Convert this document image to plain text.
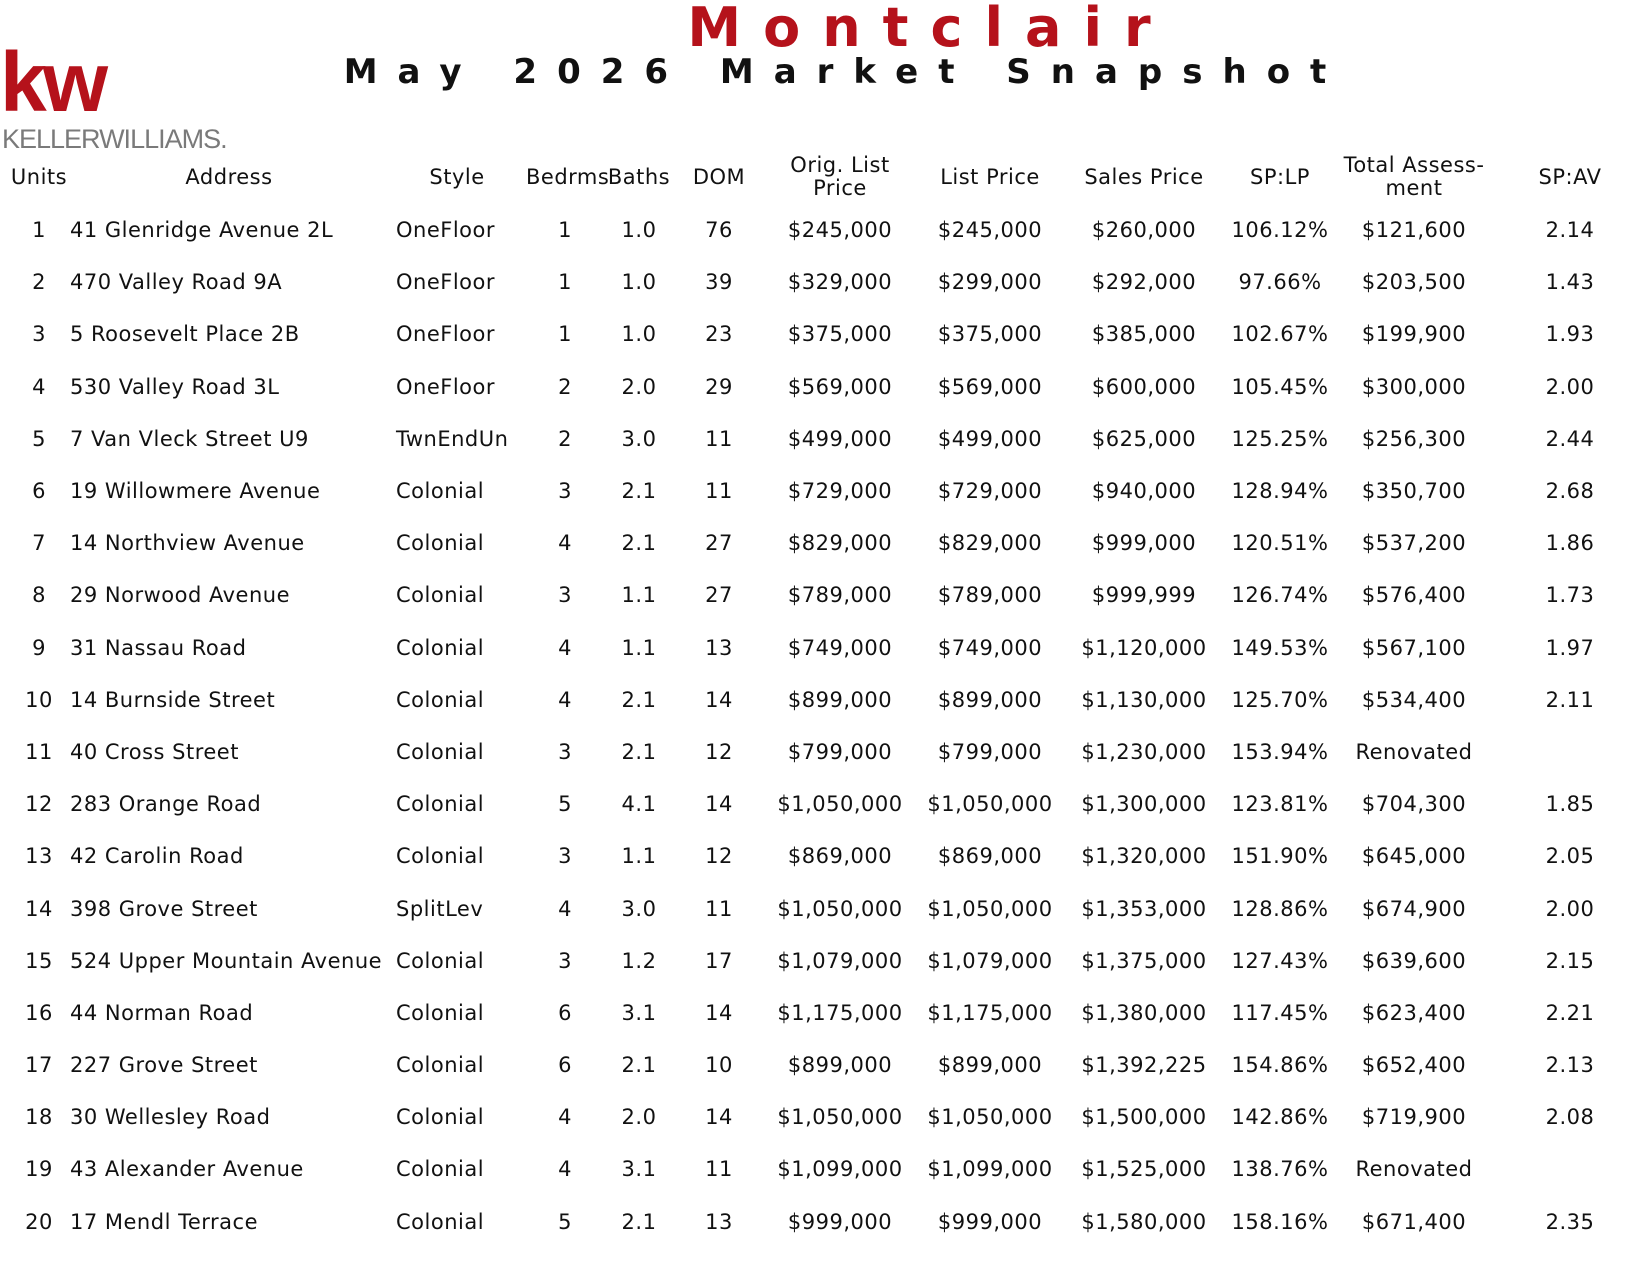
kw
KELLERWILLIAMS.
Montclair
May 2026 Market Snapshot
Units	Address	Style	Bedrms	Baths	DOM	Orig. List Price	List Price	Sales Price	SP:LP	Total Assess-ment	SP:AV
1	41 Glenridge Avenue 2L	OneFloor	1	1.0	76	$245,000	$245,000	$260,000	106.12%	$121,600	2.14
2	470 Valley Road 9A	OneFloor	1	1.0	39	$329,000	$299,000	$292,000	97.66%	$203,500	1.43
3	5 Roosevelt Place 2B	OneFloor	1	1.0	23	$375,000	$375,000	$385,000	102.67%	$199,900	1.93
4	530 Valley Road 3L	OneFloor	2	2.0	29	$569,000	$569,000	$600,000	105.45%	$300,000	2.00
5	7 Van Vleck Street U9	TwnEndUn	2	3.0	11	$499,000	$499,000	$625,000	125.25%	$256,300	2.44
6	19 Willowmere Avenue	Colonial	3	2.1	11	$729,000	$729,000	$940,000	128.94%	$350,700	2.68
7	14 Northview Avenue	Colonial	4	2.1	27	$829,000	$829,000	$999,000	120.51%	$537,200	1.86
8	29 Norwood Avenue	Colonial	3	1.1	27	$789,000	$789,000	$999,999	126.74%	$576,400	1.73
9	31 Nassau Road	Colonial	4	1.1	13	$749,000	$749,000	$1,120,000	149.53%	$567,100	1.97
10	14 Burnside Street	Colonial	4	2.1	14	$899,000	$899,000	$1,130,000	125.70%	$534,400	2.11
11	40 Cross Street	Colonial	3	2.1	12	$799,000	$799,000	$1,230,000	153.94%	Renovated	
12	283 Orange Road	Colonial	5	4.1	14	$1,050,000	$1,050,000	$1,300,000	123.81%	$704,300	1.85
13	42 Carolin Road	Colonial	3	1.1	12	$869,000	$869,000	$1,320,000	151.90%	$645,000	2.05
14	398 Grove Street	SplitLev	4	3.0	11	$1,050,000	$1,050,000	$1,353,000	128.86%	$674,900	2.00
15	524 Upper Mountain Avenue	Colonial	3	1.2	17	$1,079,000	$1,079,000	$1,375,000	127.43%	$639,600	2.15
16	44 Norman Road	Colonial	6	3.1	14	$1,175,000	$1,175,000	$1,380,000	117.45%	$623,400	2.21
17	227 Grove Street	Colonial	6	2.1	10	$899,000	$899,000	$1,392,225	154.86%	$652,400	2.13
18	30 Wellesley Road	Colonial	4	2.0	14	$1,050,000	$1,050,000	$1,500,000	142.86%	$719,900	2.08
19	43 Alexander Avenue	Colonial	4	3.1	11	$1,099,000	$1,099,000	$1,525,000	138.76%	Renovated	
20	17 Mendl Terrace	Colonial	5	2.1	13	$999,000	$999,000	$1,580,000	158.16%	$671,400	2.35
